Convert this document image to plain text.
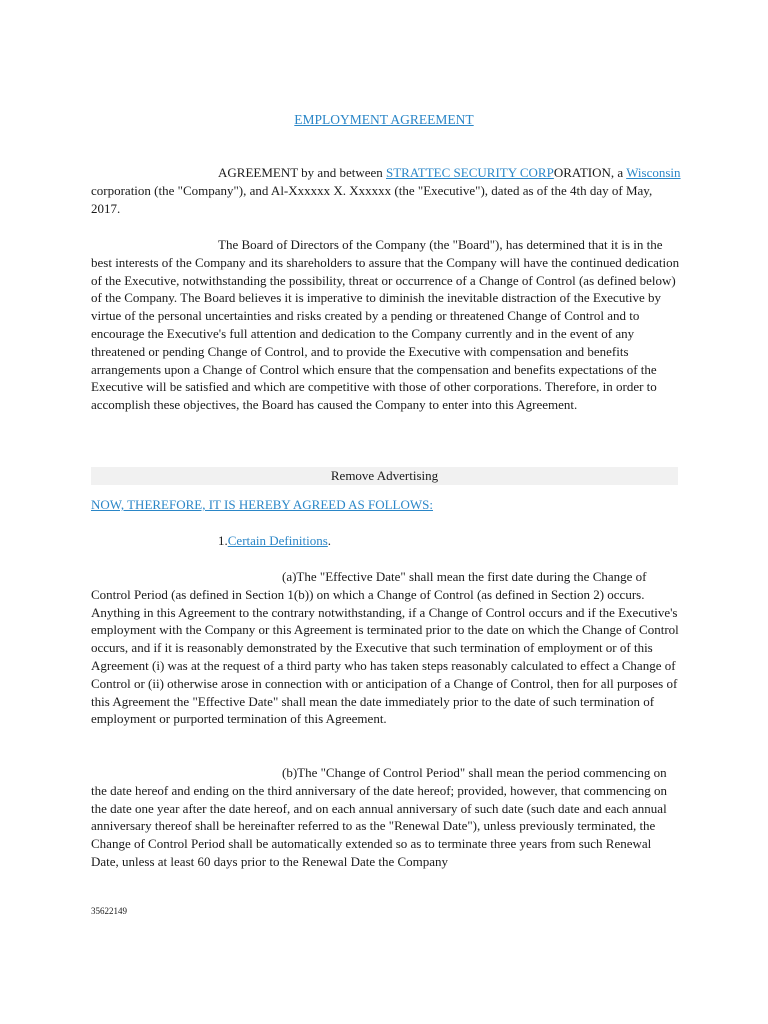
EMPLOYMENT AGREEMENT

AGREEMENT by and between STRATTEC SECURITY CORPORATION, a Wisconsin corporation (the "Company"), and Al-Xxxxxx X. Xxxxxx (the "Executive"), dated as of the 4th day of May, 2017.

The Board of Directors of the Company (the "Board"), has determined that it is in the best interests of the Company and its shareholders to assure that the Company will have the continued dedication of the Executive, notwithstanding the possibility, threat or occurrence of a Change of Control (as defined below) of the Company. The Board believes it is imperative to diminish the inevitable distraction of the Executive by virtue of the personal uncertainties and risks created by a pending or threatened Change of Control and to encourage the Executive's full attention and dedication to the Company currently and in the event of any threatened or pending Change of Control, and to provide the Executive with compensation and benefits arrangements upon a Change of Control which ensure that the compensation and benefits expectations of the Executive will be satisfied and which are competitive with those of other corporations. Therefore, in order to accomplish these objectives, the Board has caused the Company to enter into this Agreement.

Remove Advertising

NOW, THEREFORE, IT IS HEREBY AGREED AS FOLLOWS:

1.Certain Definitions.

(a)The "Effective Date" shall mean the first date during the Change of Control Period (as defined in Section 1(b)) on which a Change of Control (as defined in Section 2) occurs. Anything in this Agreement to the contrary notwithstanding, if a Change of Control occurs and if the Executive's employment with the Company or this Agreement is terminated prior to the date on which the Change of Control occurs, and if it is reasonably demonstrated by the Executive that such termination of employment or of this Agreement (i) was at the request of a third party who has taken steps reasonably calculated to effect a Change of Control or (ii) otherwise arose in connection with or anticipation of a Change of Control, then for all purposes of this Agreement the "Effective Date" shall mean the date immediately prior to the date of such termination of employment or purported termination of this Agreement.

(b)The "Change of Control Period" shall mean the period commencing on the date hereof and ending on the third anniversary of the date hereof; provided, however, that commencing on the date one year after the date hereof, and on each annual anniversary of such date (such date and each annual anniversary thereof shall be hereinafter referred to as the "Renewal Date"), unless previously terminated, the Change of Control Period shall be automatically extended so as to terminate three years from such Renewal Date, unless at least 60 days prior to the Renewal Date the Company

35622149
